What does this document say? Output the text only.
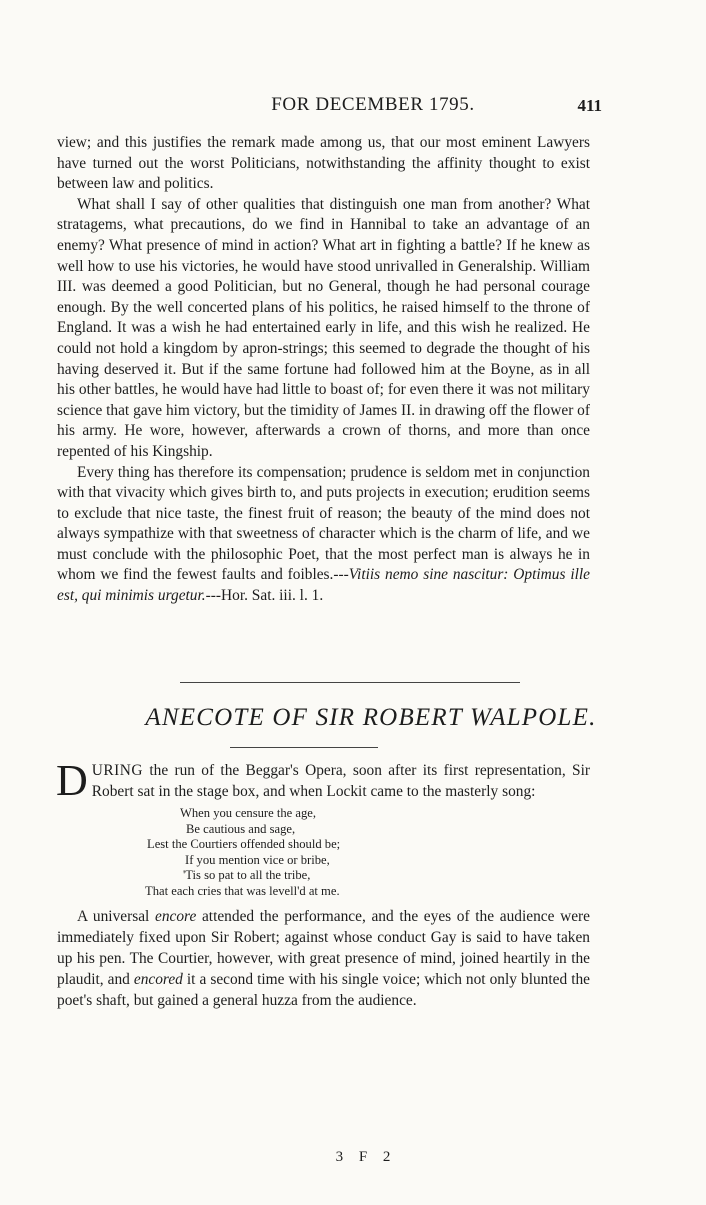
FOR DECEMBER 1795.	411

view; and this justifies the remark made among us, that our most eminent Lawyers have turned out the worst Politicians, notwithstanding the affinity thought to exist between law and politics.

What shall I say of other qualities that distinguish one man from another? What stratagems, what precautions, do we find in Hannibal to take an advantage of an enemy? What presence of mind in action? What art in fighting a battle? If he knew as well how to use his victories, he would have stood unrivalled in Generalship. William III. was deemed a good Politician, but no General, though he had personal courage enough. By the well concerted plans of his politics, he raised himself to the throne of England. It was a wish he had entertained early in life, and this wish he realized. He could not hold a kingdom by apron-strings; this seemed to degrade the thought of his having deserved it. But if the same fortune had followed him at the Boyne, as in all his other battles, he would have had little to boast of; for even there it was not military science that gave him victory, but the timidity of James II. in drawing off the flower of his army. He wore, however, afterwards a crown of thorns, and more than once repented of his Kingship.

Every thing has therefore its compensation; prudence is seldom met in conjunction with that vivacity which gives birth to, and puts projects in execution; erudition seems to exclude that nice taste, the finest fruit of reason; the beauty of the mind does not always sympathize with that sweetness of character which is the charm of life, and we must conclude with the philosophic Poet, that the most perfect man is always he in whom we find the fewest faults and foibles.---Vitiis nemo sine nascitur: Optimus ille est, qui minimis urgetur.---Hor. Sat. iii. l. 1.

ANECOTE OF SIR ROBERT WALPOLE.

DURING the run of the Beggar's Opera, soon after its first representation, Sir Robert sat in the stage box, and when Lockit came to the masterly song:

When you censure the age,
Be cautious and sage,
Lest the Courtiers offended should be;
If you mention vice or bribe,
'Tis so pat to all the tribe,
That each cries that was levell'd at me.

A universal encore attended the performance, and the eyes of the audience were immediately fixed upon Sir Robert; against whose conduct Gay is said to have taken up his pen. The Courtier, however, with great presence of mind, joined heartily in the plaudit, and encored it a second time with his single voice; which not only blunted the poet's shaft, but gained a general huzza from the audience.

3 F 2
